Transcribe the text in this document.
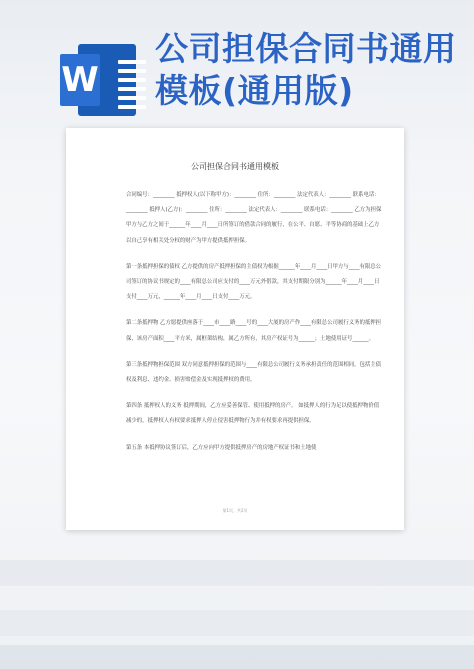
W
公司担保合同书通用模板(通用版)
公司担保合同书通用模板

合同编号：________ 抵押权人(以下称甲方)：________ 住所：________ 法定代表人：________ 联系电话：________ 抵押人(乙方)：________ 住所：________ 法定代表人：________ 联系电话：________ 乙方为担保甲方与乙方之间于______年____月____日所签订的借款合同的履行，在公平、自愿、平等协商的基础上乙方以自己享有相关处分权的财产为甲方提供抵押担保。

第一条抵押担保的债权 乙方提供的房产抵押担保的主债权为根据______年____月____日甲方与____有限总公司签订的协议书规定的____有限总公司应支付的____万元外借款，其支付期限分别为______年____月____日支付____万元，______年____月____日支付____万元。

第二条抵押物 乙方愿提供座落于____市____路____号的____大厦的房产作____有限总公司履行义务的抵押担保，该房产面积____平方米，属框架结构，属乙方所有，其房产权证号为______；土地使用证号______。

第三条抵押物担保范围 双方同意抵押担保的范围与____有限总公司履行义务承担责任的范围相同，包括主债权及利息、违约金、损害赔偿金及实现抵押权的费用。

第四条 抵押权人的义务 抵押期间，乙方应妥善保管、使用抵押的房产。 如抵押人的行为足以使抵押物价值减少的，抵押权人有权要求抵押人停止侵害抵押物行为并有权要求再提供担保。

第五条 本抵押协议签订后，乙方应向甲方提供抵押房产的房地产权证书和土地使

第1页，共2页
